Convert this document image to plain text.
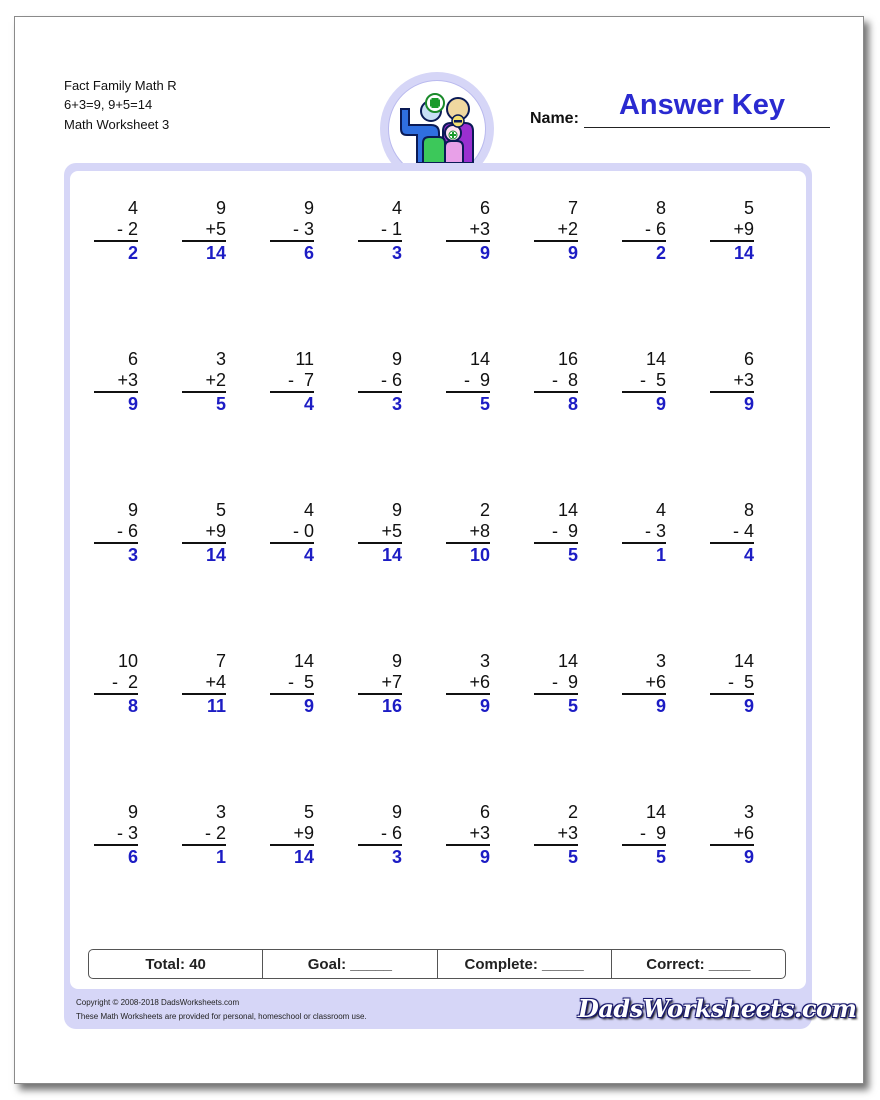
Fact Family Math R
6+3=9, 9+5=14
Math Worksheet 3	Name:	Answer Key
4
- 2
2
9
+5
14
9
- 3
6
4
- 1
3
6
+3
9
7
+2
9
8
- 6
2
5
+9
14
6
+3
9
3
+2
5
11
-  7
4
9
- 6
3
14
-  9
5
16
-  8
8
14
-  5
9
6
+3
9
9
- 6
3
5
+9
14
4
- 0
4
9
+5
14
2
+8
10
14
-  9
5
4
- 3
1
8
- 4
4
10
-  2
8
7
+4
11
14
-  5
9
9
+7
16
3
+6
9
14
-  9
5
3
+6
9
14
-  5
9
9
- 3
6
3
- 2
1
5
+9
14
9
- 6
3
6
+3
9
2
+3
5
14
-  9
5
3
+6
9
Total: 40	Goal: _____	Complete: _____	Correct: _____
Copyright © 2008-2018 DadsWorksheets.com
These Math Worksheets are provided for personal, homeschool or classroom use.	DadsWorksheets.com
